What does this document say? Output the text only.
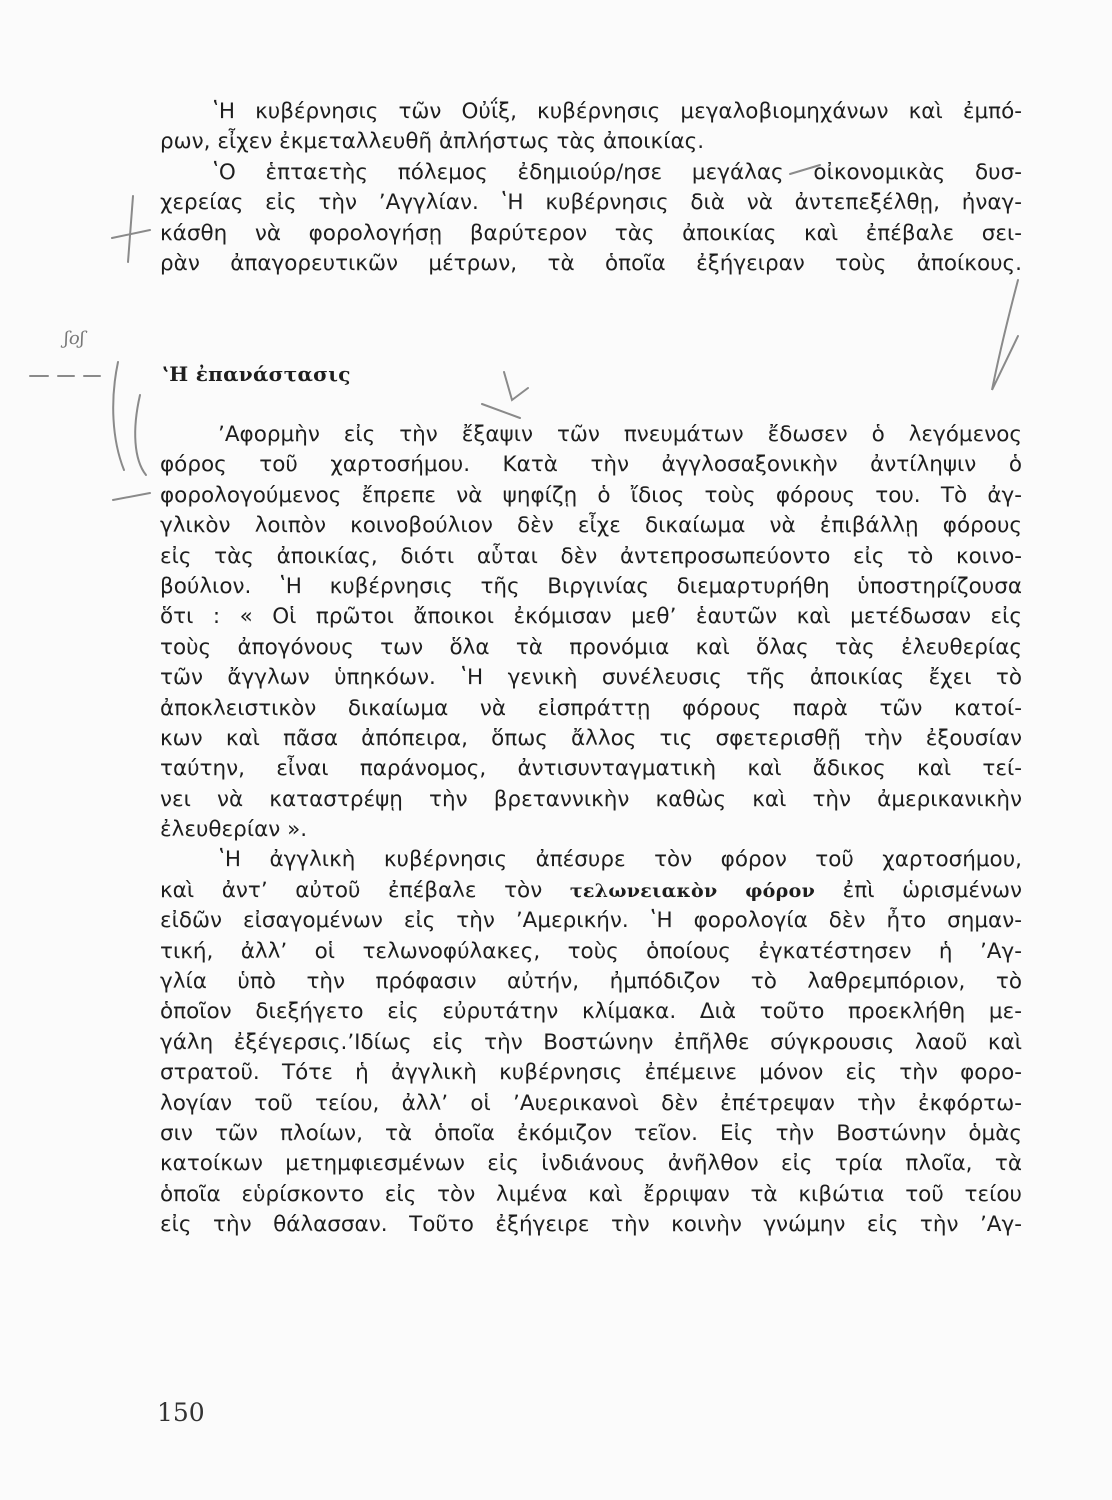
ʽΗ κυβέρνησις τῶν Οὐΐξ, κυβέρνησις μεγαλοβιομηχάνων καὶ ἐμπό-
ρων, εἶχεν ἐκμεταλλευθῆ ἀπλήστως τὰς ἀποικίας.
ʽΟ ἑπταετὴς πόλεμος ἐδημιούρ/ησε μεγάλας οἰκονομικὰς δυσ-
χερείας εἰς τὴν ʼΑγγλίαν. ʽΗ κυβέρνησις διὰ νὰ ἀντεπεξέλθῃ, ἠναγ-
κάσθη νὰ φορολογήσῃ βαρύτερον τὰς ἀποικίας καὶ ἐπέβαλε σει-
ρὰν ἀπαγορευτικῶν μέτρων, τὰ ὁποῖα ἐξήγειραν τοὺς ἀποίκους.
ʽΗ ἐπανάστασις
ʼΑφορμὴν εἰς τὴν ἔξαψιν τῶν πνευμάτων ἔδωσεν ὁ λεγόμενος
φόρος τοῦ χαρτοσήμου. Κατὰ τὴν ἀγγλοσαξονικὴν ἀντίληψιν ὁ
φορολογούμενος ἔπρεπε νὰ ψηφίζῃ ὁ ἴδιος τοὺς φόρους του. Τὸ ἀγ-
γλικὸν λοιπὸν κοινοβούλιον δὲν εἶχε δικαίωμα νὰ ἐπιβάλλῃ φόρους
εἰς τὰς ἀποικίας, διότι αὗται δὲν ἀντεπροσωπεύοντο εἰς τὸ κοινο-
βούλιον. ʽΗ κυβέρνησις τῆς Βιργινίας διεμαρτυρήθη ὑποστηρίζουσα
ὅτι : « Οἱ πρῶτοι ἄποικοι ἐκόμισαν μεθʼ ἑαυτῶν καὶ μετέδωσαν εἰς
τοὺς ἀπογόνους των ὅλα τὰ προνόμια καὶ ὅλας τὰς ἐλευθερίας
τῶν ἄγγλων ὑπηκόων. ʽΗ γενικὴ συνέλευσις τῆς ἀποικίας ἔχει τὸ
ἀποκλειστικὸν δικαίωμα νὰ εἰσπράττῃ φόρους παρὰ τῶν κατοί-
κων καὶ πᾶσα ἀπόπειρα, ὅπως ἄλλος τις σφετερισθῇ τὴν ἐξουσίαν
ταύτην, εἶναι παράνομος, ἀντισυνταγματικὴ καὶ ἄδικος καὶ τεί-
νει νὰ καταστρέψῃ τὴν βρεταννικὴν καθὼς καὶ τὴν ἀμερικανικὴν
ἐλευθερίαν ».
ʽΗ ἀγγλικὴ κυβέρνησις ἀπέσυρε τὸν φόρον τοῦ χαρτοσήμου,
καὶ ἀντʼ αὐτοῦ ἐπέβαλε τὸν τελωνειακὸν φόρον ἐπὶ ὡρισμένων
εἰδῶν εἰσαγομένων εἰς τὴν ʼΑμερικήν. ʽΗ φορολογία δὲν ἦτο σημαν-
τική, ἀλλʼ οἱ τελωνοφύλακες, τοὺς ὁποίους ἐγκατέστησεν ἡ ʼΑγ-
γλία ὑπὸ τὴν πρόφασιν αὐτήν, ἠμπόδιζον τὸ λαθρεμπόριον, τὸ
ὁποῖον διεξήγετο εἰς εὐρυτάτην κλίμακα. Διὰ τοῦτο προεκλήθη με-
γάλη ἐξέγερσις.ʼΙδίως εἰς τὴν Βοστώνην ἐπῆλθε σύγκρουσις λαοῦ καὶ
στρατοῦ. Τότε ἡ ἀγγλικὴ κυβέρνησις ἐπέμεινε μόνον εἰς τὴν φορο-
λογίαν τοῦ τείου, ἀλλʼ οἱ ʼΑυερικανοὶ δὲν ἐπέτρεψαν τὴν ἐκφόρτω-
σιν τῶν πλοίων, τὰ ὁποῖα ἐκόμιζον τεῖον. Εἰς τὴν Βοστώνην ὁμὰς
κατοίκων μετημφιεσμένων εἰς ἰνδιάνους ἀνῆλθον εἰς τρία πλοῖα, τὰ
ὁποῖα εὑρίσκοντο εἰς τὸν λιμένα καὶ ἔρριψαν τὰ κιβώτια τοῦ τείου
εἰς τὴν θάλασσαν. Τοῦτο ἐξήγειρε τὴν κοινὴν γνώμην εἰς τὴν ʼΑγ-
150
ʃoʃ
